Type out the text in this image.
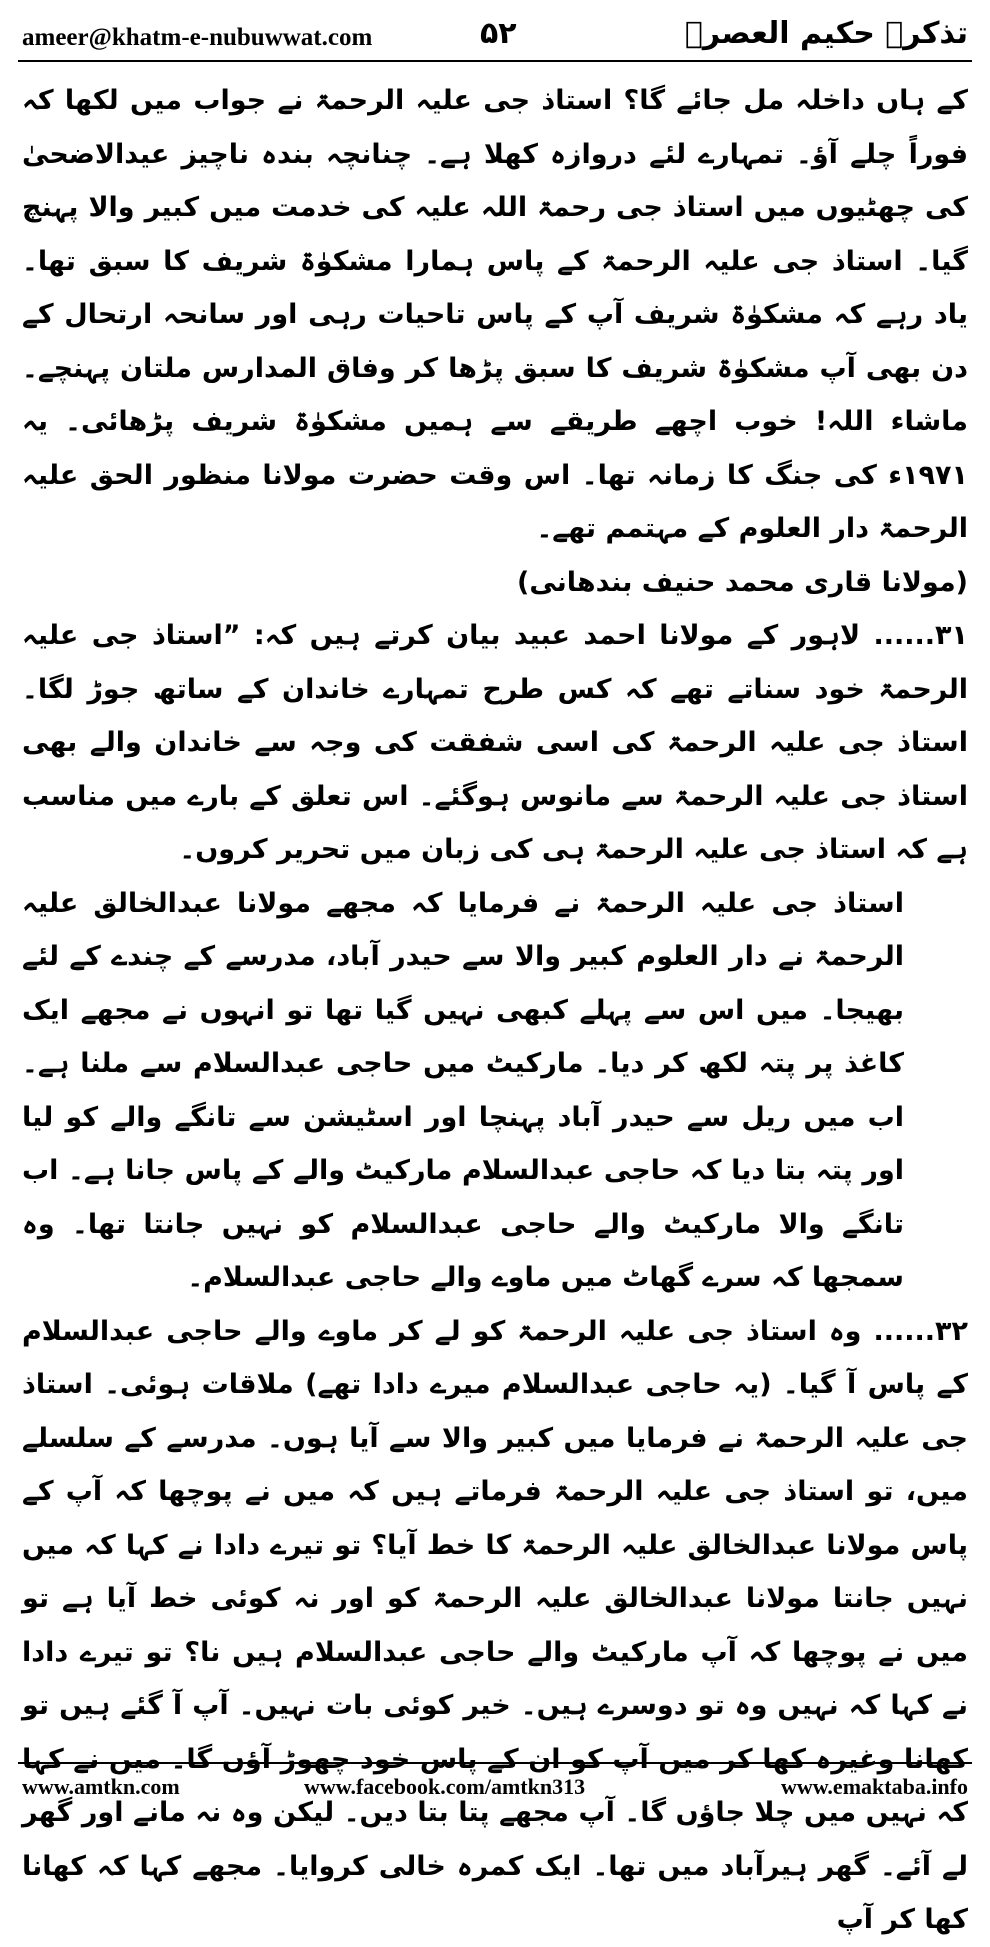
ameer@khatm-e-nubuwwat.com	۵۲	تذکرہ حکیم العصرؒ

کے ہاں داخلہ مل جائے گا؟ استاذ جی علیہ الرحمۃ نے جواب میں لکھا کہ فوراً چلے آؤ۔ تمہارے لئے دروازہ کھلا ہے۔ چنانچہ بندہ ناچیز عیدالاضحیٰ کی چھٹیوں میں استاذ جی رحمۃ اللہ علیہ کی خدمت میں کبیر والا پہنچ گیا۔ استاذ جی علیہ الرحمۃ کے پاس ہمارا مشکوٰۃ شریف کا سبق تھا۔ یاد رہے کہ مشکوٰۃ شریف آپ کے پاس تاحیات رہی اور سانحہ ارتحال کے دن بھی آپ مشکوٰۃ شریف کا سبق پڑھا کر وفاق المدارس ملتان پہنچے۔ ماشاء اللہ! خوب اچھے طریقے سے ہمیں مشکوٰۃ شریف پڑھائی۔ یہ ۱۹۷۱ء کی جنگ کا زمانہ تھا۔ اس وقت حضرت مولانا منظور الحق علیہ الرحمۃ دار العلوم کے مہتمم تھے۔

(مولانا قاری محمد حنیف بندھانی)

۳۱...... لاہور کے مولانا احمد عبید بیان کرتے ہیں کہ: ”استاذ جی علیہ الرحمۃ خود سناتے تھے کہ کس طرح تمہارے خاندان کے ساتھ جوڑ لگا۔ استاذ جی علیہ الرحمۃ کی اسی شفقت کی وجہ سے خاندان والے بھی استاذ جی علیہ الرحمۃ سے مانوس ہوگئے۔ اس تعلق کے بارے میں مناسب ہے کہ استاذ جی علیہ الرحمۃ ہی کی زبان میں تحریر کروں۔

استاذ جی علیہ الرحمۃ نے فرمایا کہ مجھے مولانا عبدالخالق علیہ الرحمۃ نے دار العلوم کبیر والا سے حیدر آباد، مدرسے کے چندے کے لئے بھیجا۔ میں اس سے پہلے کبھی نہیں گیا تھا تو انہوں نے مجھے ایک کاغذ پر پتہ لکھ کر دیا۔ مارکیٹ میں حاجی عبدالسلام سے ملنا ہے۔ اب میں ریل سے حیدر آباد پہنچا اور اسٹیشن سے تانگے والے کو لیا اور پتہ بتا دیا کہ حاجی عبدالسلام مارکیٹ والے کے پاس جانا ہے۔ اب تانگے والا مارکیٹ والے حاجی عبدالسلام کو نہیں جانتا تھا۔ وہ سمجھا کہ سرے گھاٹ میں ماوے والے حاجی عبدالسلام۔

۳۲...... وہ استاذ جی علیہ الرحمۃ کو لے کر ماوے والے حاجی عبدالسلام کے پاس آ گیا۔ (یہ حاجی عبدالسلام میرے دادا تھے) ملاقات ہوئی۔ استاذ جی علیہ الرحمۃ نے فرمایا میں کبیر والا سے آیا ہوں۔ مدرسے کے سلسلے میں، تو استاذ جی علیہ الرحمۃ فرماتے ہیں کہ میں نے پوچھا کہ آپ کے پاس مولانا عبدالخالق علیہ الرحمۃ کا خط آیا؟ تو تیرے دادا نے کہا کہ میں نہیں جانتا مولانا عبدالخالق علیہ الرحمۃ کو اور نہ کوئی خط آیا ہے تو میں نے پوچھا کہ آپ مارکیٹ والے حاجی عبدالسلام ہیں نا؟ تو تیرے دادا نے کہا کہ نہیں وہ تو دوسرے ہیں۔ خیر کوئی بات نہیں۔ آپ آ گئے ہیں تو کھانا وغیرہ کھا کر میں آپ کو ان کے پاس خود چھوڑ آؤں گا۔ میں نے کہا کہ نہیں میں چلا جاؤں گا۔ آپ مجھے پتا بتا دیں۔ لیکن وہ نہ مانے اور گھر لے آئے۔ گھر ہیرآباد میں تھا۔ ایک کمرہ خالی کروایا۔ مجھے کہا کہ کھانا کھا کر آپ

www.amtkn.com	www.facebook.com/amtkn313	www.emaktaba.info
